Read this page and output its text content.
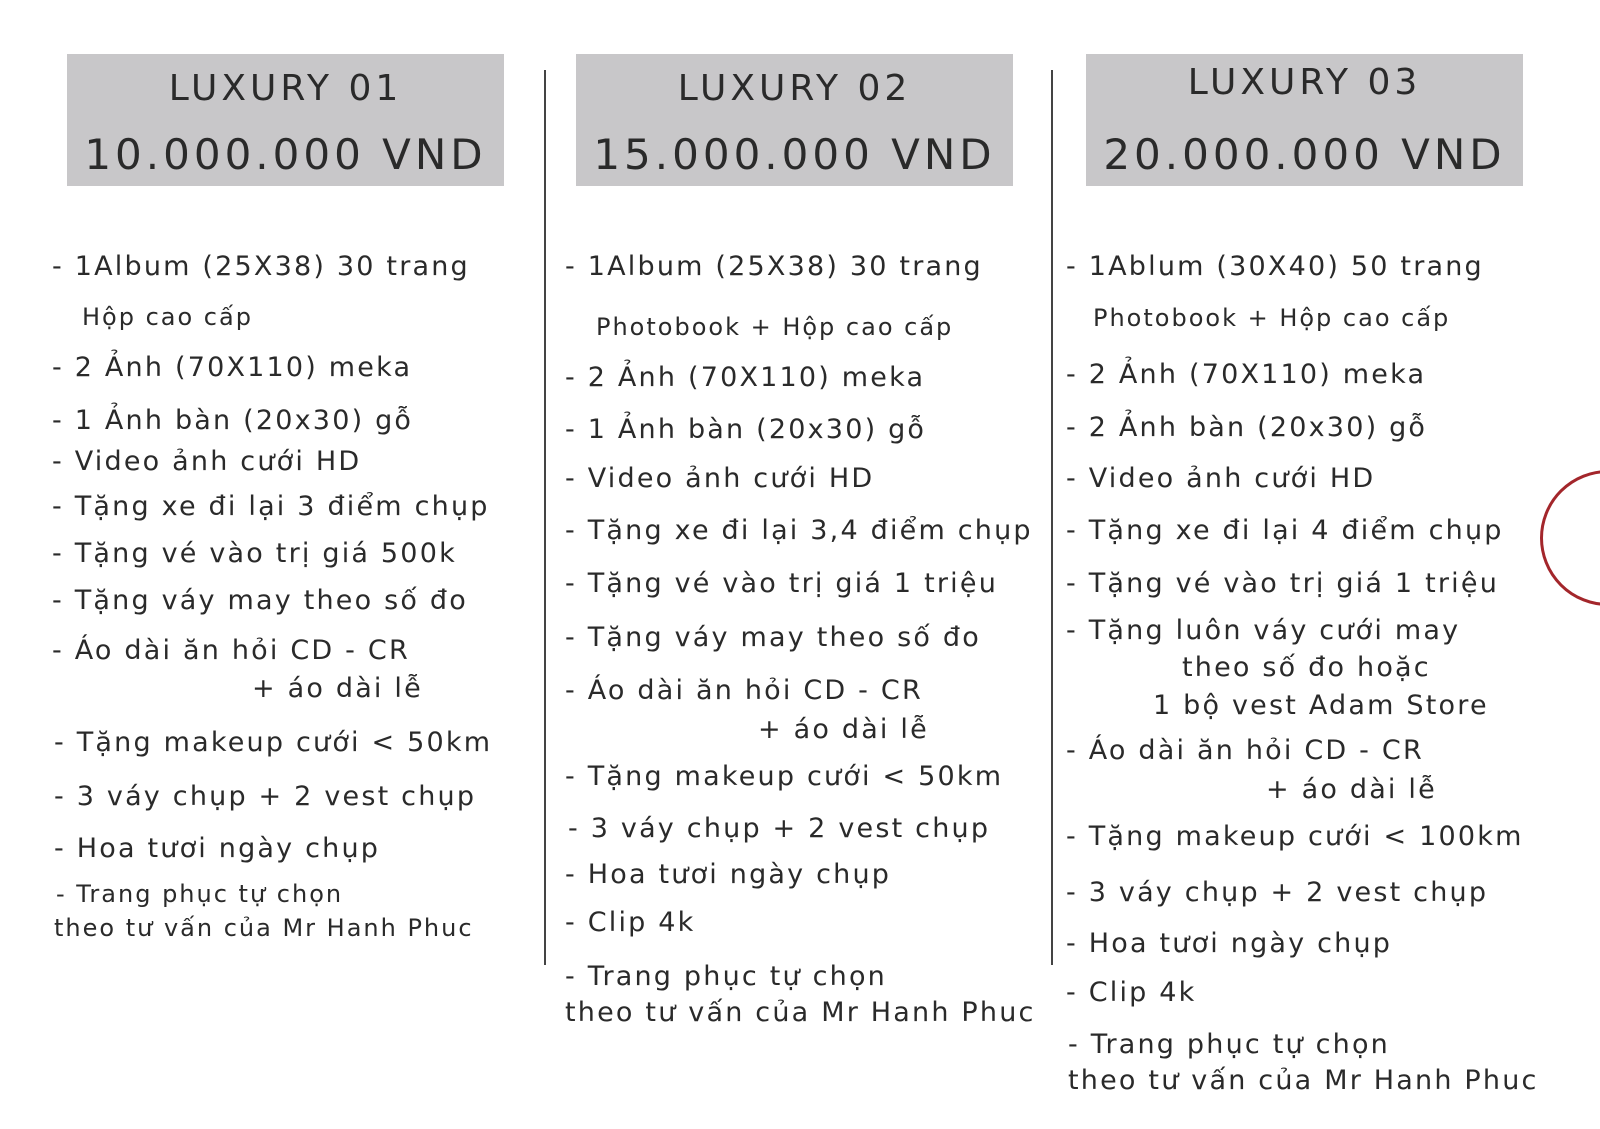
LUXURY 01
10.000.000 VND
LUXURY 02
15.000.000 VND
LUXURY 03
20.000.000 VND
- 1Album (25X38) 30 trang
Hộp cao cấp
- 2 Ảnh (70X110) meka
- 1 Ảnh bàn (20x30) gỗ
- Video ảnh cưới HD
- Tặng xe đi lại 3 điểm chụp
- Tặng vé vào trị giá 500k
- Tặng váy may theo số đo
- Áo dài ăn hỏi CD - CR
+ áo dài lễ
- Tặng makeup cưới < 50km
- 3 váy chụp + 2 vest chụp
- Hoa tươi ngày chụp
- Trang phục tự chọn
theo tư vấn của Mr Hanh Phuc
- 1Album (25X38) 30 trang
Photobook + Hộp cao cấp
- 2 Ảnh (70X110) meka
- 1 Ảnh bàn (20x30) gỗ
- Video ảnh cưới HD
- Tặng xe đi lại 3,4 điểm chụp
- Tặng vé vào trị giá 1 triệu
- Tặng váy may theo số đo
- Áo dài ăn hỏi CD - CR
+ áo dài lễ
- Tặng makeup cưới < 50km
- 3 váy chụp + 2 vest chụp
- Hoa tươi ngày chụp
- Clip 4k
- Trang phục tự chọn
theo tư vấn của Mr Hanh Phuc
- 1Ablum (30X40) 50 trang
Photobook + Hộp cao cấp
- 2 Ảnh (70X110) meka
- 2 Ảnh bàn (20x30) gỗ
- Video ảnh cưới HD
- Tặng xe đi lại 4 điểm chụp
- Tặng vé vào trị giá 1 triệu
- Tặng luôn váy cưới may
theo số đo hoặc
1 bộ vest Adam Store
- Áo dài ăn hỏi CD - CR
+ áo dài lễ
- Tặng makeup cưới < 100km
- 3 váy chụp + 2 vest chụp
- Hoa tươi ngày chụp
- Clip 4k
- Trang phục tự chọn
theo tư vấn của Mr Hanh Phuc
